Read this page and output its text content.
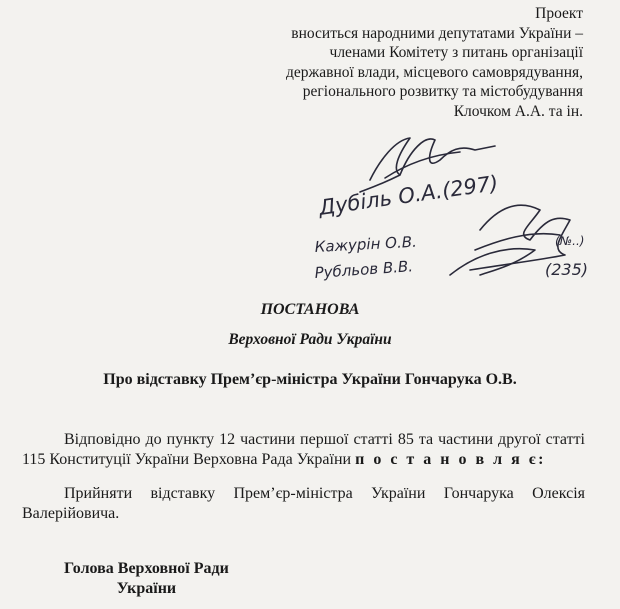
Проект
вноситься народними депутатами України –
членами Комітету з питань організації
державної влади, місцевого самоврядування,
регіонального розвитку та містобудування
Клочком А.А. та ін.
Дубіль О.А.(297)
Кажурін О.В.	(№..)
Рубльов В.В.	(235)
ПОСТАНОВА
Верховної Ради України
Про відставку Прем’єр-міністра України Гончарука О.В.
Відповідно до пункту 12 частини першої статті 85 та частини другої статті 115 Конституції України Верховна Рада України п о с т а н о в л я є:
Прийняти відставку Прем’єр-міністра України Гончарука Олексія Валерійовича.
Голова Верховної Ради
України
